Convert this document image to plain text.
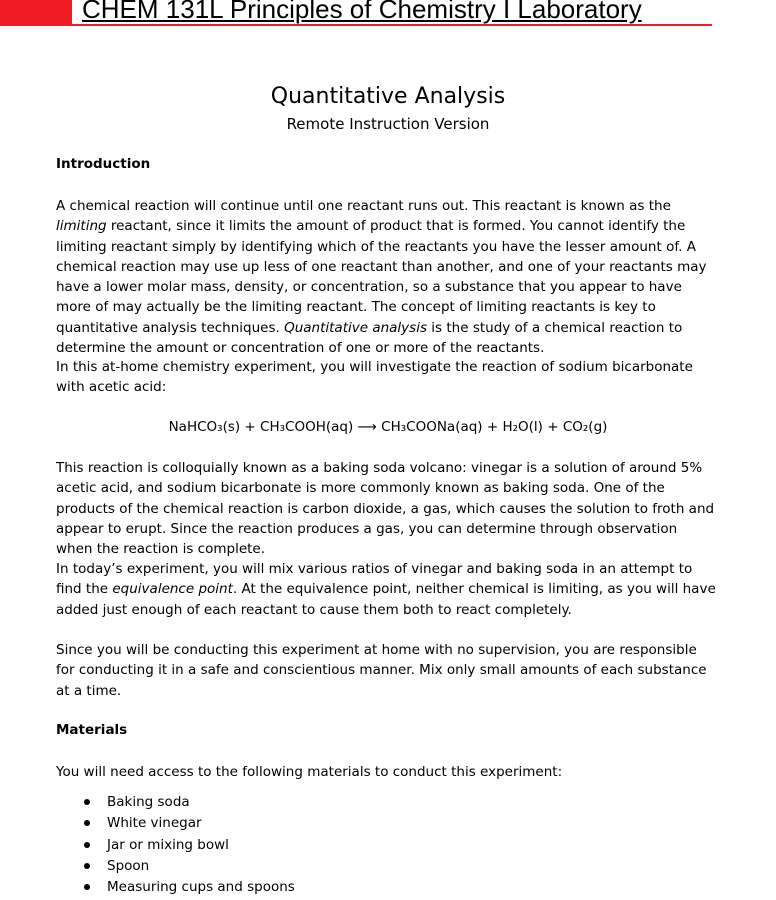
CHEM 131L Principles of Chemistry I Laboratory
Quantitative Analysis
Remote Instruction Version
Introduction
A chemical reaction will continue until one reactant runs out. This reactant is known as the limiting reactant, since it limits the amount of product that is formed. You cannot identify the limiting reactant simply by identifying which of the reactants you have the lesser amount of. A chemical reaction may use up less of one reactant than another, and one of your reactants may have a lower molar mass, density, or concentration, so a substance that you appear to have more of may actually be the limiting reactant. The concept of limiting reactants is key to quantitative analysis techniques. Quantitative analysis is the study of a chemical reaction to determine the amount or concentration of one or more of the reactants.
In this at-home chemistry experiment, you will investigate the reaction of sodium bicarbonate with acetic acid:
NaHCO₃(s) + CH₃COOH(aq) ⟶ CH₃COONa(aq) + H₂O(l) + CO₂(g)
This reaction is colloquially known as a baking soda volcano: vinegar is a solution of around 5% acetic acid, and sodium bicarbonate is more commonly known as baking soda. One of the products of the chemical reaction is carbon dioxide, a gas, which causes the solution to froth and appear to erupt. Since the reaction produces a gas, you can determine through observation when the reaction is complete.
In today’s experiment, you will mix various ratios of vinegar and baking soda in an attempt to find the equivalence point. At the equivalence point, neither chemical is limiting, as you will have added just enough of each reactant to cause them both to react completely.
Since you will be conducting this experiment at home with no supervision, you are responsible for conducting it in a safe and conscientious manner. Mix only small amounts of each substance at a time.
Materials
You will need access to the following materials to conduct this experiment:
Baking soda
White vinegar
Jar or mixing bowl
Spoon
Measuring cups and spoons
